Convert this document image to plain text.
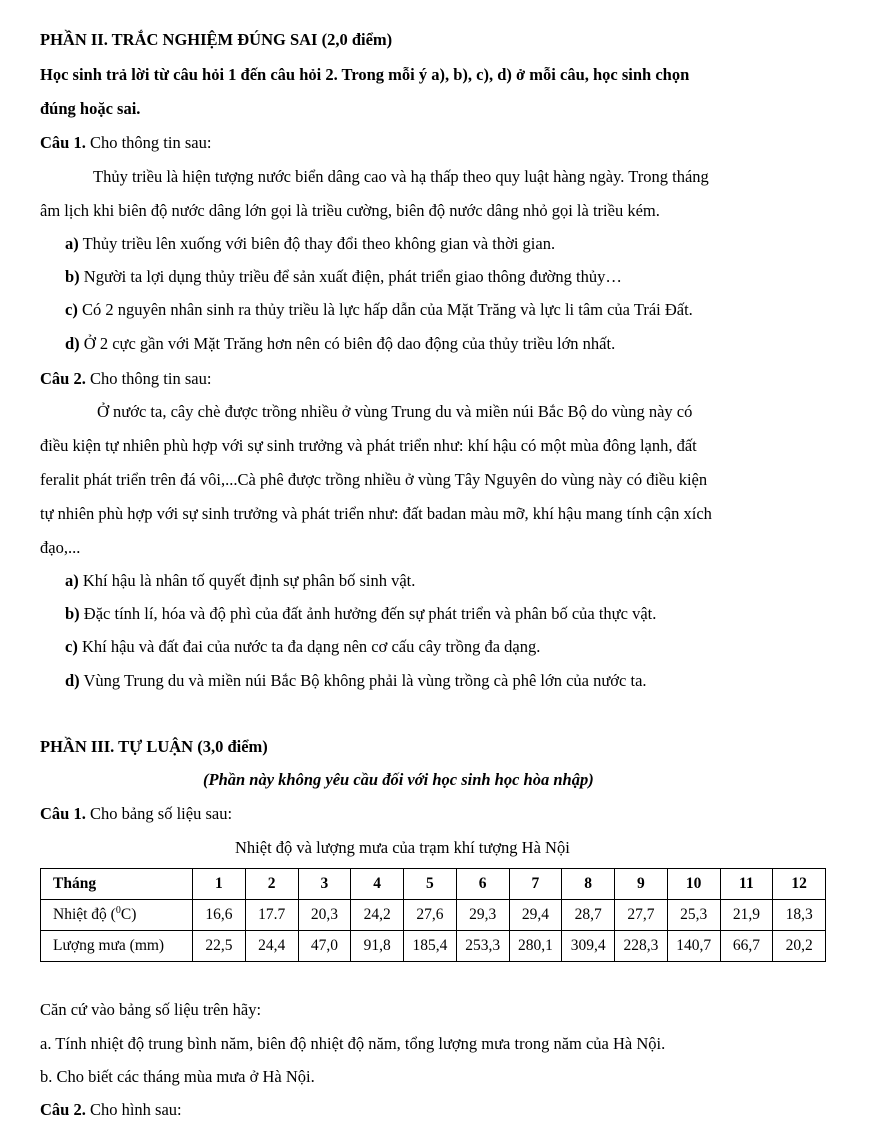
PHẦN II. TRẮC NGHIỆM ĐÚNG SAI (2,0 điểm)
Học sinh trả lời từ câu hỏi 1 đến câu hỏi 2. Trong mỗi ý a), b), c), d) ở mỗi câu, học sinh chọn
đúng hoặc sai.
Câu 1. Cho thông tin sau:
Thủy triều là hiện tượng nước biển dâng cao và hạ thấp theo quy luật hàng ngày. Trong tháng
âm lịch khi biên độ nước dâng lớn gọi là triều cường, biên độ nước dâng nhỏ gọi là triều kém.
a) Thủy triều lên xuống với biên độ thay đổi theo không gian và thời gian.
b) Người ta lợi dụng thủy triều để sản xuất điện, phát triển giao thông đường thủy…
c) Có 2 nguyên nhân sinh ra thủy triều là lực hấp dẫn của Mặt Trăng và lực li tâm của Trái Đất.
d) Ở 2 cực gần với Mặt Trăng hơn nên có biên độ dao động của thủy triều lớn nhất.
Câu 2. Cho thông tin sau:
Ở nước ta, cây chè được trồng nhiều ở vùng Trung du và miền núi Bắc Bộ do vùng này có
điều kiện tự nhiên phù hợp với sự sinh trưởng và phát triển như: khí hậu có một mùa đông lạnh, đất
feralit phát triển trên đá vôi,...Cà phê được trồng nhiều ở vùng Tây Nguyên do vùng này có điều kiện
tự nhiên phù hợp với sự sinh trưởng và phát triển như: đất badan màu mỡ, khí hậu mang tính cận xích
đạo,...
a) Khí hậu là nhân tố quyết định sự phân bố sinh vật.
b) Đặc tính lí, hóa và độ phì của đất ảnh hưởng đến sự phát triển và phân bố của thực vật.
c) Khí hậu và đất đai của nước ta đa dạng nên cơ cấu cây trồng đa dạng.
d) Vùng Trung du và miền núi Bắc Bộ không phải là vùng trồng cà phê lớn của nước ta.
PHẦN III. TỰ LUẬN (3,0 điểm)
(Phần này không yêu cầu đối với học sinh học hòa nhập)
Câu 1. Cho bảng số liệu sau:
Nhiệt độ và lượng mưa của trạm khí tượng Hà Nội
Tháng	1	2	3	4	5	6	7	8	9	10	11	12
Nhiệt độ ($^0$C)	16,6	17.7	20,3	24,2	27,6	29,3	29,4	28,7	27,7	25,3	21,9	18,3
Lượng mưa (mm)	22,5	24,4	47,0	91,8	185,4	253,3	280,1	309,4	228,3	140,7	66,7	20,2
Căn cứ vào bảng số liệu trên hãy:
a. Tính nhiệt độ trung bình năm, biên độ nhiệt độ năm, tổng lượng mưa trong năm của Hà Nội.
b. Cho biết các tháng mùa mưa ở Hà Nội.
Câu 2. Cho hình sau:
